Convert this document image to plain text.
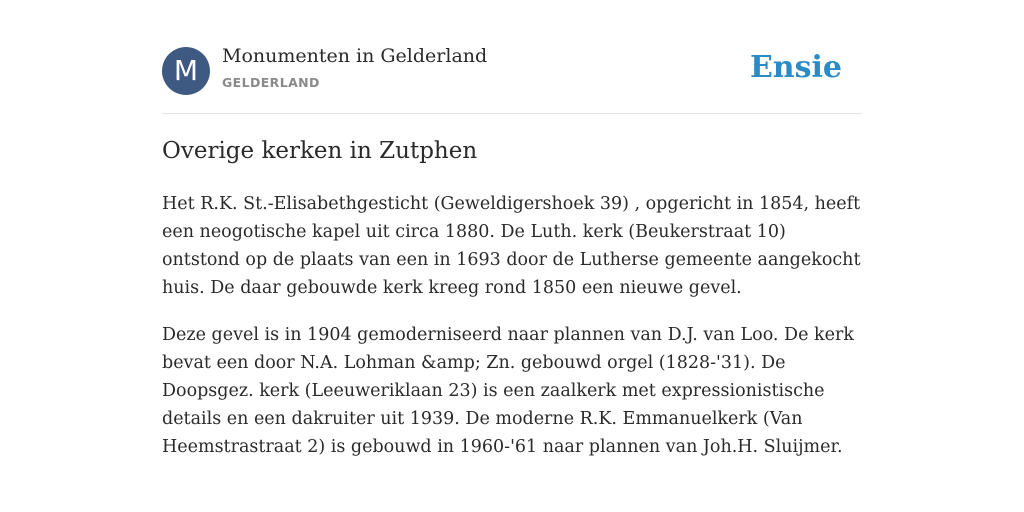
M	Monumenten in Gelderland
GELDERLAND	Ensie
Overige kerken in Zutphen

Het R.K. St.-Elisabethgesticht (Geweldigershoek 39) , opgericht in 1854, heeft een neogotische kapel uit circa 1880. De Luth. kerk (Beukerstraat 10) ontstond op de plaats van een in 1693 door de Lutherse gemeente aangekocht huis. De daar gebouwde kerk kreeg rond 1850 een nieuwe gevel.

Deze gevel is in 1904 gemoderniseerd naar plannen van D.J. van Loo. De kerk bevat een door N.A. Lohman &amp; Zn. gebouwd orgel (1828-'31). De Doopsgez. kerk (Leeuweriklaan 23) is een zaalkerk met expressionistische details en een dakruiter uit 1939. De moderne R.K. Emmanuelkerk (Van Heemstrastraat 2) is gebouwd in 1960-'61 naar plannen van Joh.H. Sluijmer.
